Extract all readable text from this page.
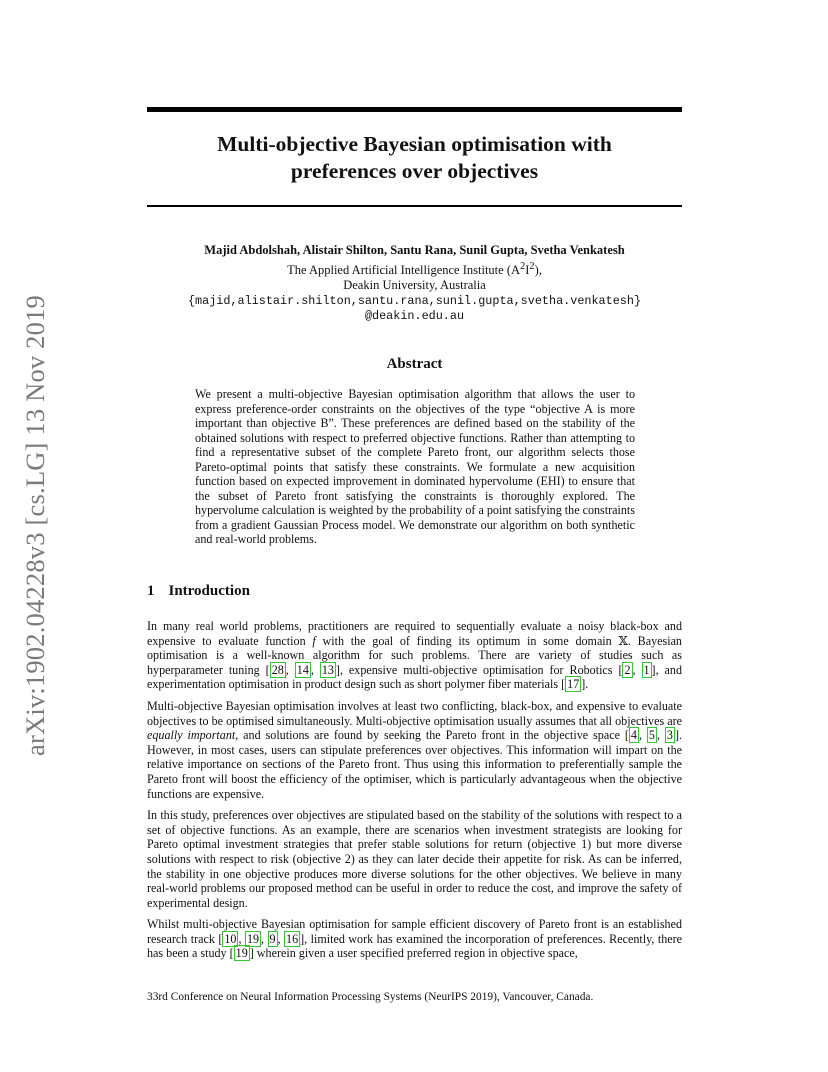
arXiv:1902.04228v3 [cs.LG] 13 Nov 2019
Multi-objective Bayesian optimisation with
preferences over objectives
Majid Abdolshah, Alistair Shilton, Santu Rana, Sunil Gupta, Svetha Venkatesh
The Applied Artificial Intelligence Institute $(A^2I^2)$,
Deakin University, Australia
{majid,alistair.shilton,santu.rana,sunil.gupta,svetha.venkatesh}
@deakin.edu.au
Abstract
We present a multi-objective Bayesian optimisation algorithm that allows the user to express preference-order constraints on the objectives of the type “objective A is more important than objective B”. These preferences are defined based on the stability of the obtained solutions with respect to preferred objective functions. Rather than attempting to find a representative subset of the complete Pareto front, our algorithm selects those Pareto-optimal points that satisfy these constraints. We formulate a new acquisition function based on expected improvement in dominated hypervolume (EHI) to ensure that the subset of Pareto front satisfying the constraints is thoroughly explored. The hypervolume calculation is weighted by the probability of a point satisfying the constraints from a gradient Gaussian Process model. We demonstrate our algorithm on both synthetic and real-world problems.
1 Introduction

In many real world problems, practitioners are required to sequentially evaluate a noisy black-box and expensive to evaluate function f with the goal of finding its optimum in some domain 𝕏. Bayesian optimisation is a well-known algorithm for such problems. There are variety of studies such as hyperparameter tuning [ 28 , 14 , 13 ], expensive multi-objective optimisation for Robotics [ 2 , 1 ], and experimentation optimisation in product design such as short polymer fiber materials [ 17 ].

Multi-objective Bayesian optimisation involves at least two conflicting, black-box, and expensive to evaluate objectives to be optimised simultaneously. Multi-objective optimisation usually assumes that all objectives are equally important, and solutions are found by seeking the Pareto front in the objective space [ 4 , 5 , 3 ]. However, in most cases, users can stipulate preferences over objectives. This information will impart on the relative importance on sections of the Pareto front. Thus using this information to preferentially sample the Pareto front will boost the efficiency of the optimiser, which is particularly advantageous when the objective functions are expensive.

In this study, preferences over objectives are stipulated based on the stability of the solutions with respect to a set of objective functions. As an example, there are scenarios when investment strategists are looking for Pareto optimal investment strategies that prefer stable solutions for return (objective 1) but more diverse solutions with respect to risk (objective 2) as they can later decide their appetite for risk. As can be inferred, the stability in one objective produces more diverse solutions for the other objectives. We believe in many real-world problems our proposed method can be useful in order to reduce the cost, and improve the safety of experimental design.

Whilst multi-objective Bayesian optimisation for sample efficient discovery of Pareto front is an established research track [ 10 , 19 , 9 , 16 ], limited work has examined the incorporation of preferences. Recently, there has been a study [ 19 ] wherein given a user specified preferred region in objective space,

33rd Conference on Neural Information Processing Systems (NeurIPS 2019), Vancouver, Canada.
